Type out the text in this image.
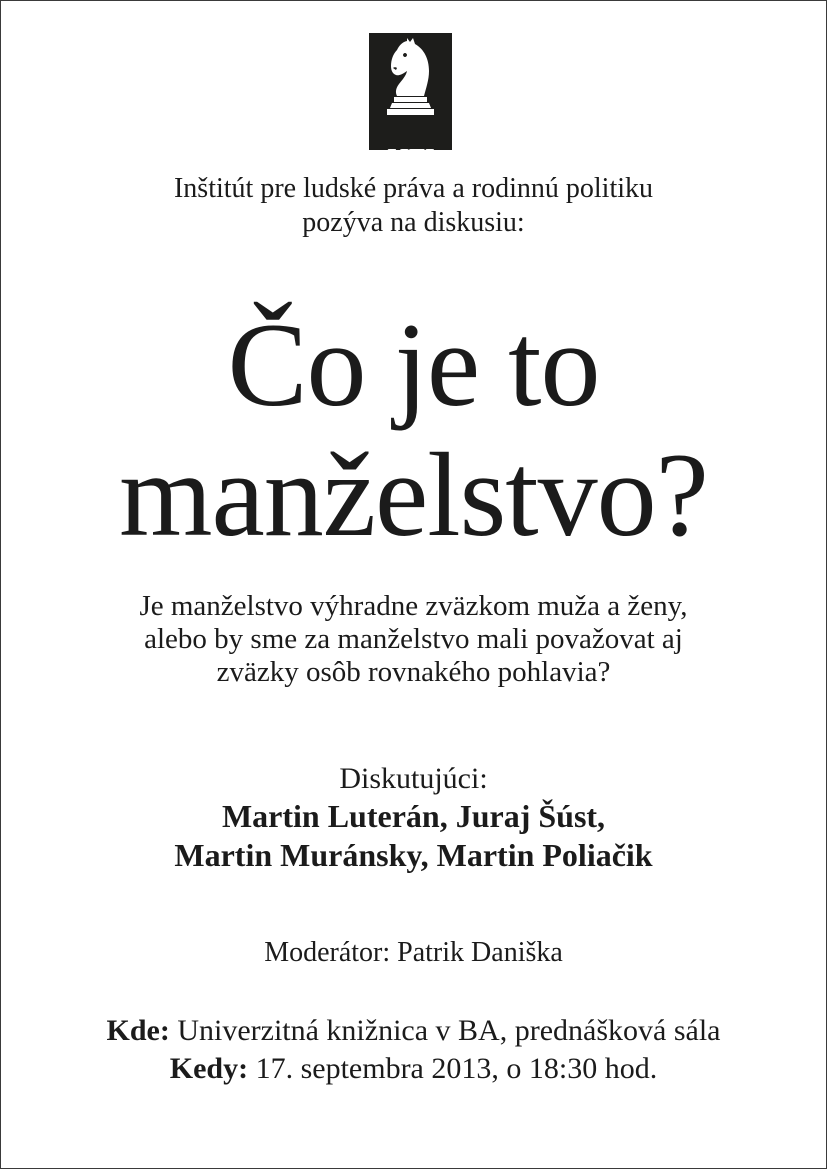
HFI
Inštitút pre ludské práva a rodinnú politiku
pozýva na diskusiu:
Čo je to
manželstvo?
Je manželstvo výhradne zväzkom muža a ženy,
alebo by sme za manželstvo mali považovat aj
zväzky osôb rovnakého pohlavia?
Diskutujúci:
Martin Luterán, Juraj Šúst,
Martin Muránsky, Martin Poliačik
Moderátor: Patrik Daniška
Kde: Univerzitná knižnica v BA, prednášková sála
Kedy: 17. septembra 2013, o 18:30 hod.
